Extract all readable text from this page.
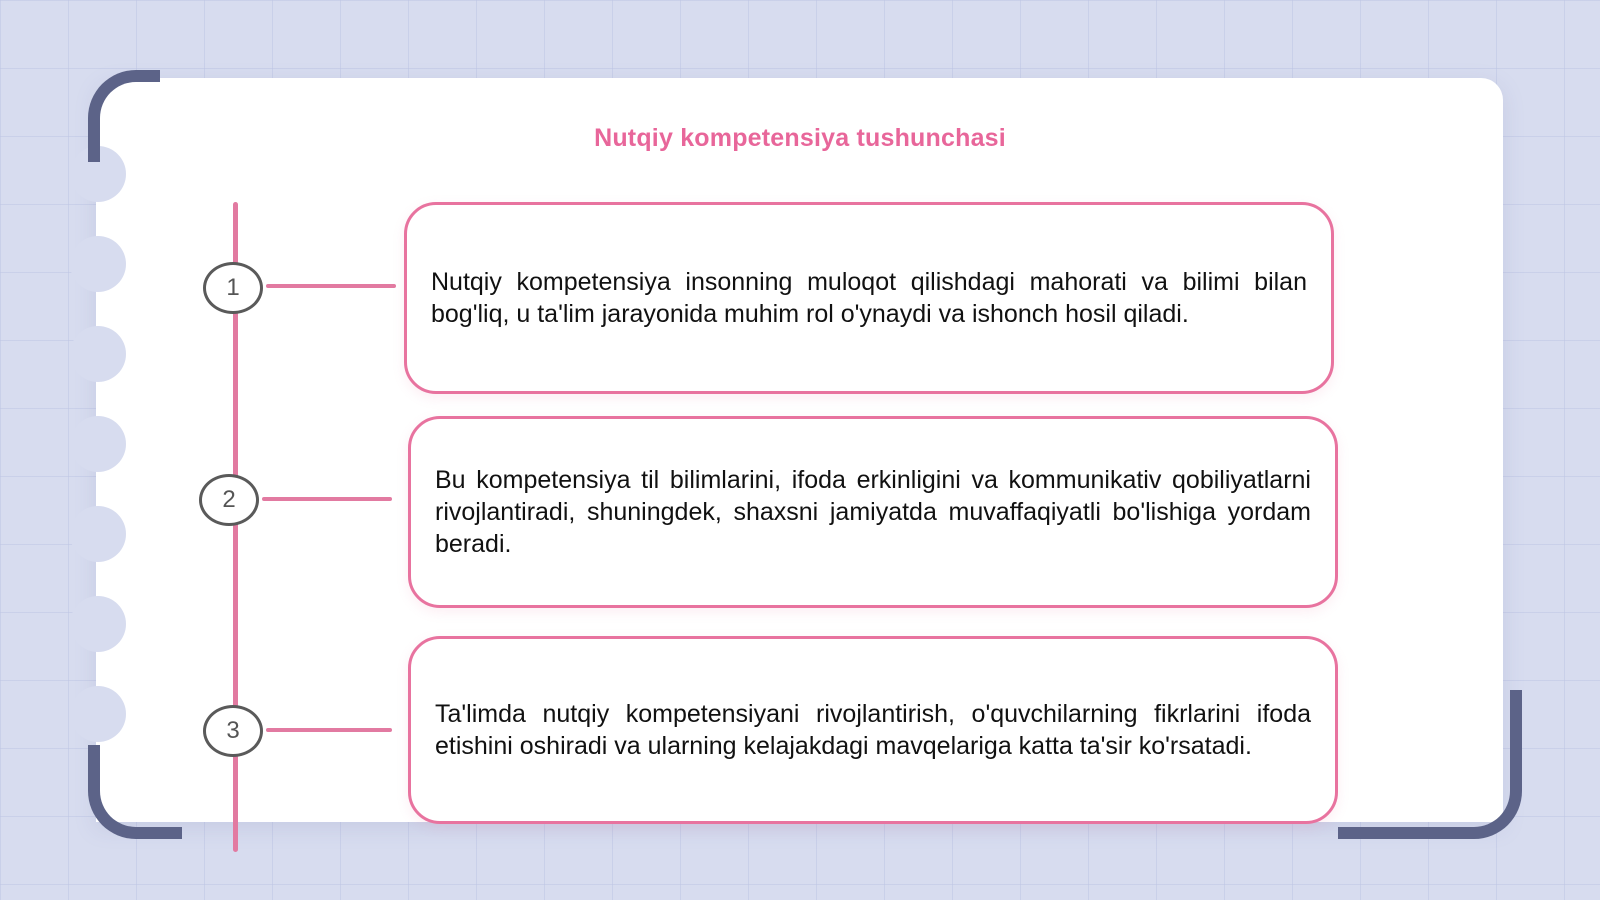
Nutqiy kompetensiya tushunchasi
1	Nutqiy kompetensiya insonning muloqot qilishdagi mahorati va bilimi bilan bog'liq, u ta'lim jarayonida muhim rol o'ynaydi va ishonch hosil qiladi.
2
Bu kompetensiya til bilimlarini, ifoda erkinligini va kommunikativ qobiliyatlarni rivojlantiradi, shuningdek, shaxsni jamiyatda muvaffaqiyatli bo'lishiga yordam beradi.
3
Ta'limda nutqiy kompetensiyani rivojlantirish, o'quvchilarning fikrlarini ifoda etishini oshiradi va ularning kelajakdagi mavqelariga katta ta'sir ko'rsatadi.
